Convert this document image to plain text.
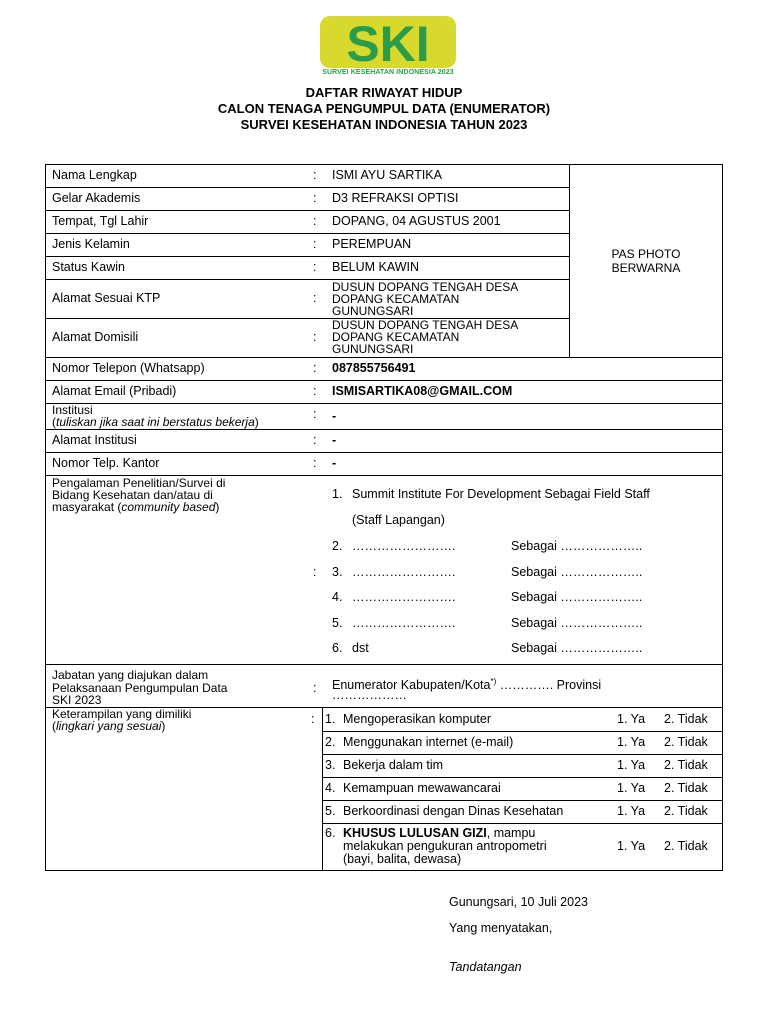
SKI
SURVEI KESEHATAN INDONESIA 2023
DAFTAR RIWAYAT HIDUP
CALON TENAGA PENGUMPUL DATA (ENUMERATOR)
SURVEI KESEHATAN INDONESIA TAHUN 2023
PAS PHOTO
BERWARNA
Nama Lengkap	: ISMI AYU SARTIKA
Gelar Akademis	: D3 REFRAKSI OPTISI
Tempat, Tgl Lahir	: DOPANG, 04 AGUSTUS 2001
Jenis Kelamin	: PEREMPUAN
Status Kawin	: BELUM KAWIN
Alamat Sesuai KTP	:
DUSUN DOPANG TENGAH DESA
DOPANG KECAMATAN
GUNUNGSARI
Alamat Domisili	:
DUSUN DOPANG TENGAH DESA
DOPANG KECAMATAN
GUNUNGSARI
Nomor Telepon (Whatsapp)	: 087855756491
Alamat Email (Pribadi)	: ISMISARTIKA08@GMAIL.COM
Institusi
(tuliskan jika saat ini berstatus bekerja)
: -
Alamat Institusi	: -
Nomor Telp. Kantor	: -
Pengalaman Penelitian/Survei di
Bidang Kesehatan dan/atau di
masyarakat (community based)
:
1. Summit Institute For Development Sebagai Field Staff
(Staff Lapangan)
2. …………………….	Sebagai ………………..
3. …………………….	Sebagai ………………..
4. …………………….	Sebagai ………………..
5. …………………….	Sebagai ………………..
6. dst	Sebagai ………………..
Jabatan yang diajukan dalam
Pelaksanaan Pengumpulan Data
SKI 2023
: Enumerator Kabupaten/Kota*) …………. Provinsi
………………
Keterampilan yang dimiliki
(lingkari yang sesuai)	: 1. Mengoperasikan komputer	1. Ya 2. Tidak
2. Menggunakan internet (e-mail)	1. Ya 2. Tidak
3. Bekerja dalam tim	1. Ya 2. Tidak
4. Kemampuan mewawancarai	1. Ya 2. Tidak
5. Berkoordinasi dengan Dinas Kesehatan	1. Ya 2. Tidak
6. KHUSUS LULUSAN GIZI, mampu
melakukan pengukuran antropometri
(bayi, balita, dewasa)
1. Ya 2. Tidak
Gunungsari, 10 Juli 2023
Yang menyatakan,
Tandatangan
